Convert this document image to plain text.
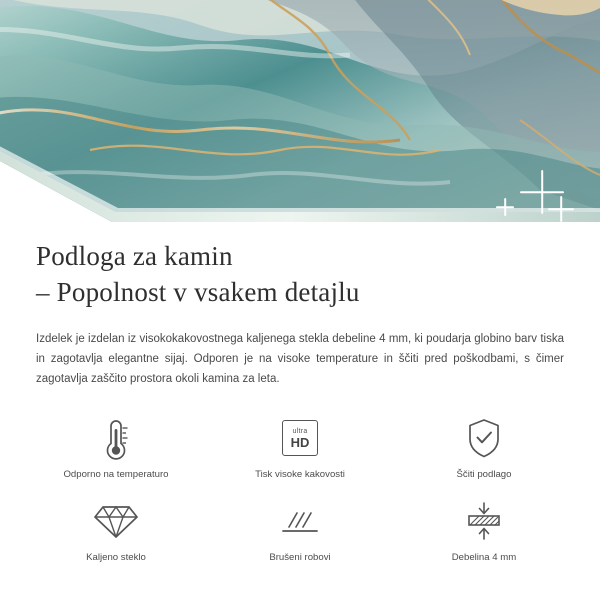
Podloga za kamin
– Popolnost v vsakem detajlu

Izdelek je izdelan iz visokokakovostnega kaljenega stekla debeline 4 mm, ki poudarja globino barv tiska in zagotavlja elegantne sijaj. Odporen je na visoke temperature in ščiti pred poškodbami, s čimer zagotavlja zaščito prostora okoli kamina za leta.

Odporno na temperaturo
ultra
HD
Tisk visoke kakovosti	Ščiti podlago
Kaljeno steklo	Brušeni robovi	Debelina 4 mm
